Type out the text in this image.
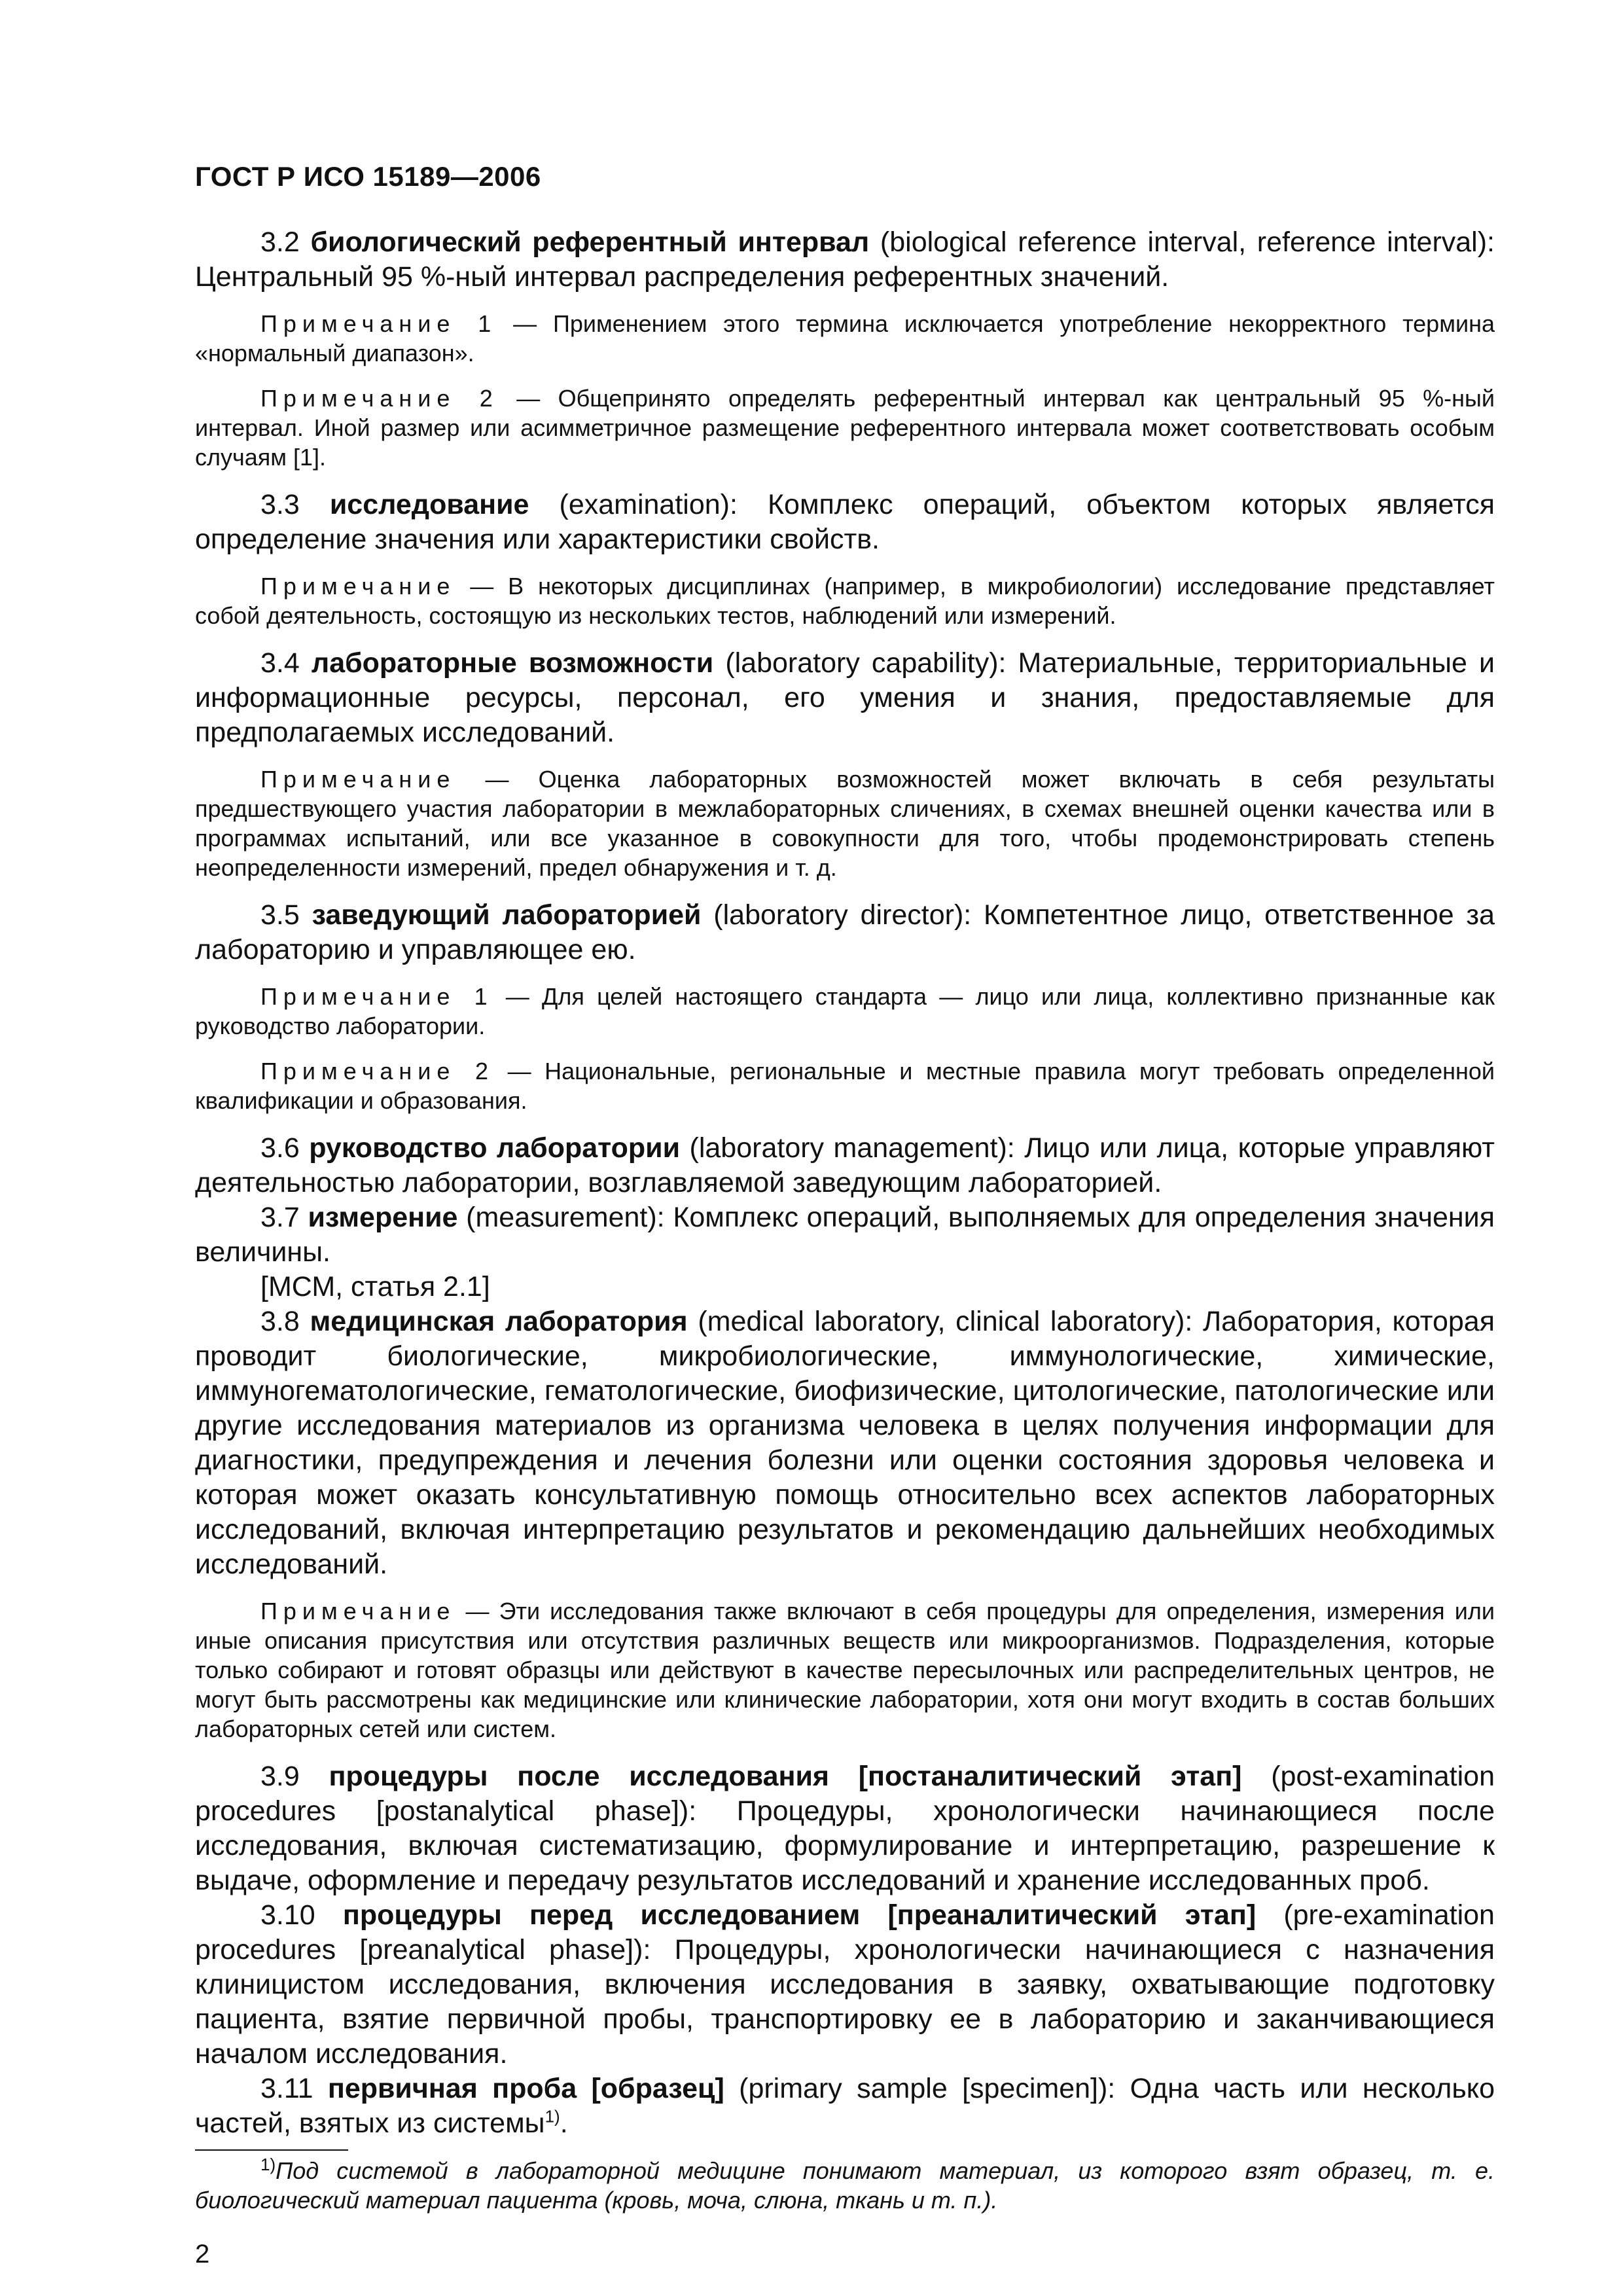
ГОСТ Р ИСО 15189—2006

3.2 биологический референтный интервал (biological reference interval, reference interval): Центральный 95 %-ный интервал распределения референтных значений.

Примечание 1 — Применением этого термина исключается употребление некорректного термина «нормальный диапазон».

Примечание 2 — Общепринято определять референтный интервал как центральный 95 %-ный интервал. Иной размер или асимметричное размещение референтного интервала может соответствовать особым случаям [1].

3.3 исследование (examination): Комплекс операций, объектом которых является определение значения или характеристики свойств.

Примечание — В некоторых дисциплинах (например, в микробиологии) исследование представляет собой деятельность, состоящую из нескольких тестов, наблюдений или измерений.

3.4 лабораторные возможности (laboratory capability): Материальные, территориальные и информационные ресурсы, персонал, его умения и знания, предоставляемые для предполагаемых исследований.

Примечание — Оценка лабораторных возможностей может включать в себя результаты предшествующего участия лаборатории в межлабораторных сличениях, в схемах внешней оценки качества или в программах испытаний, или все указанное в совокупности для того, чтобы продемонстрировать степень неопределенности измерений, предел обнаружения и т. д.

3.5 заведующий лабораторией (laboratory director): Компетентное лицо, ответственное за лабораторию и управляющее ею.

Примечание 1 — Для целей настоящего стандарта — лицо или лица, коллективно признанные как руководство лаборатории.

Примечание 2 — Национальные, региональные и местные правила могут требовать определенной квалификации и образования.

3.6 руководство лаборатории (laboratory management): Лицо или лица, которые управляют деятельностью лаборатории, возглавляемой заведующим лабораторией.

3.7 измерение (measurement): Комплекс операций, выполняемых для определения значения величины.

[МСМ, статья 2.1]

3.8 медицинская лаборатория (medical laboratory, clinical laboratory): Лаборатория, которая проводит биологические, микробиологические, иммунологические, химические, иммуногематологические, гематологические, биофизические, цитологические, патологические или другие исследования материалов из организма человека в целях получения информации для диагностики, предупреждения и лечения болезни или оценки состояния здоровья человека и которая может оказать консультативную помощь относительно всех аспектов лабораторных исследований, включая интерпретацию результатов и рекомендацию дальнейших необходимых исследований.

Примечание — Эти исследования также включают в себя процедуры для определения, измерения или иные описания присутствия или отсутствия различных веществ или микроорганизмов. Подразделения, которые только собирают и готовят образцы или действуют в качестве пересылочных или распределительных центров, не могут быть рассмотрены как медицинские или клинические лаборатории, хотя они могут входить в состав больших лабораторных сетей или систем.

3.9 процедуры после исследования [постаналитический этап] (post-examination procedures [postanalytical phase]): Процедуры, хронологически начинающиеся после исследования, включая систематизацию, формулирование и интерпретацию, разрешение к выдаче, оформление и передачу результатов исследований и хранение исследованных проб.

3.10 процедуры перед исследованием [преаналитический этап] (pre-examination procedures [preanalytical phase]): Процедуры, хронологически начинающиеся с назначения клиницистом исследования, включения исследования в заявку, охватывающие подготовку пациента, взятие первичной пробы, транспортировку ее в лабораторию и заканчивающиеся началом исследования.

3.11 первичная проба [образец] (primary sample [specimen]): Одна часть или несколько частей, взятых из системы$^{1)}$.

$^{1)}$Под системой в лабораторной медицине понимают материал, из которого взят образец, т. е. биологический материал пациента (кровь, моча, слюна, ткань и т. п.).

2
